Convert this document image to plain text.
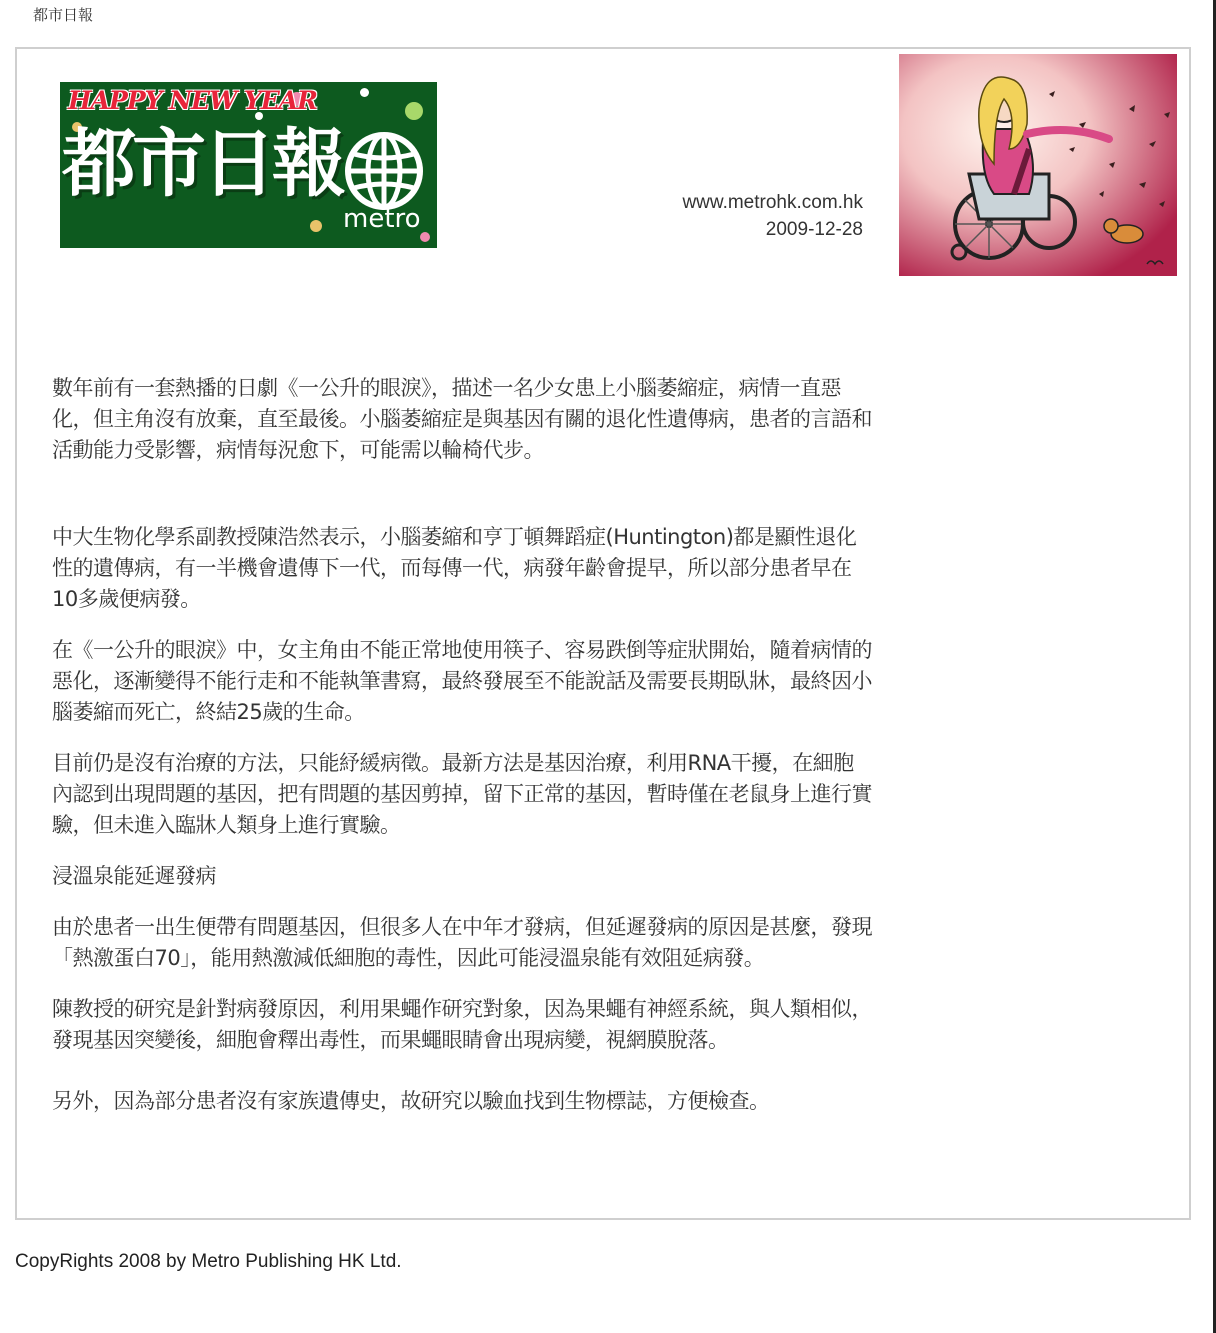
都市日報
HAPPY NEW YEAR
都市日報
metro
www.metrohk.com.hk
2009-12-28

數年前有一套熱播的日劇《一公升的眼淚》，描述一名少女患上小腦萎縮症，病情一直惡化，但主角沒有放棄，直至最後。小腦萎縮症是與基因有關的退化性遺傳病，患者的言語和活動能力受影響，病情每況愈下，可能需以輪椅代步。

中大生物化學系副教授陳浩然表示，小腦萎縮和亨丁頓舞蹈症(Huntington)都是顯性退化性的遺傳病，有一半機會遺傳下一代，而每傳一代，病發年齡會提早，所以部分患者早在10多歲便病發。

在《一公升的眼淚》中，女主角由不能正常地使用筷子、容易跌倒等症狀開始，隨着病情的惡化，逐漸變得不能行走和不能執筆書寫，最終發展至不能說話及需要長期臥牀，最終因小腦萎縮而死亡，終結25歲的生命。

目前仍是沒有治療的方法，只能紓緩病徵。最新方法是基因治療，利用RNA干擾，在細胞內認到出現問題的基因，把有問題的基因剪掉，留下正常的基因，暫時僅在老鼠身上進行實驗，但未進入臨牀人類身上進行實驗。

浸溫泉能延遲發病

由於患者一出生便帶有問題基因，但很多人在中年才發病，但延遲發病的原因是甚麼，發現「熱激蛋白70」，能用熱激減低細胞的毒性，因此可能浸溫泉能有效阻延病發。

陳教授的研究是針對病發原因，利用果蠅作研究對象，因為果蠅有神經系統，與人類相似，發現基因突變後，細胞會釋出毒性，而果蠅眼睛會出現病變，視網膜脫落。

另外，因為部分患者沒有家族遺傳史，故研究以驗血找到生物標誌，方便檢查。

CopyRights 2008 by Metro Publishing HK Ltd.
